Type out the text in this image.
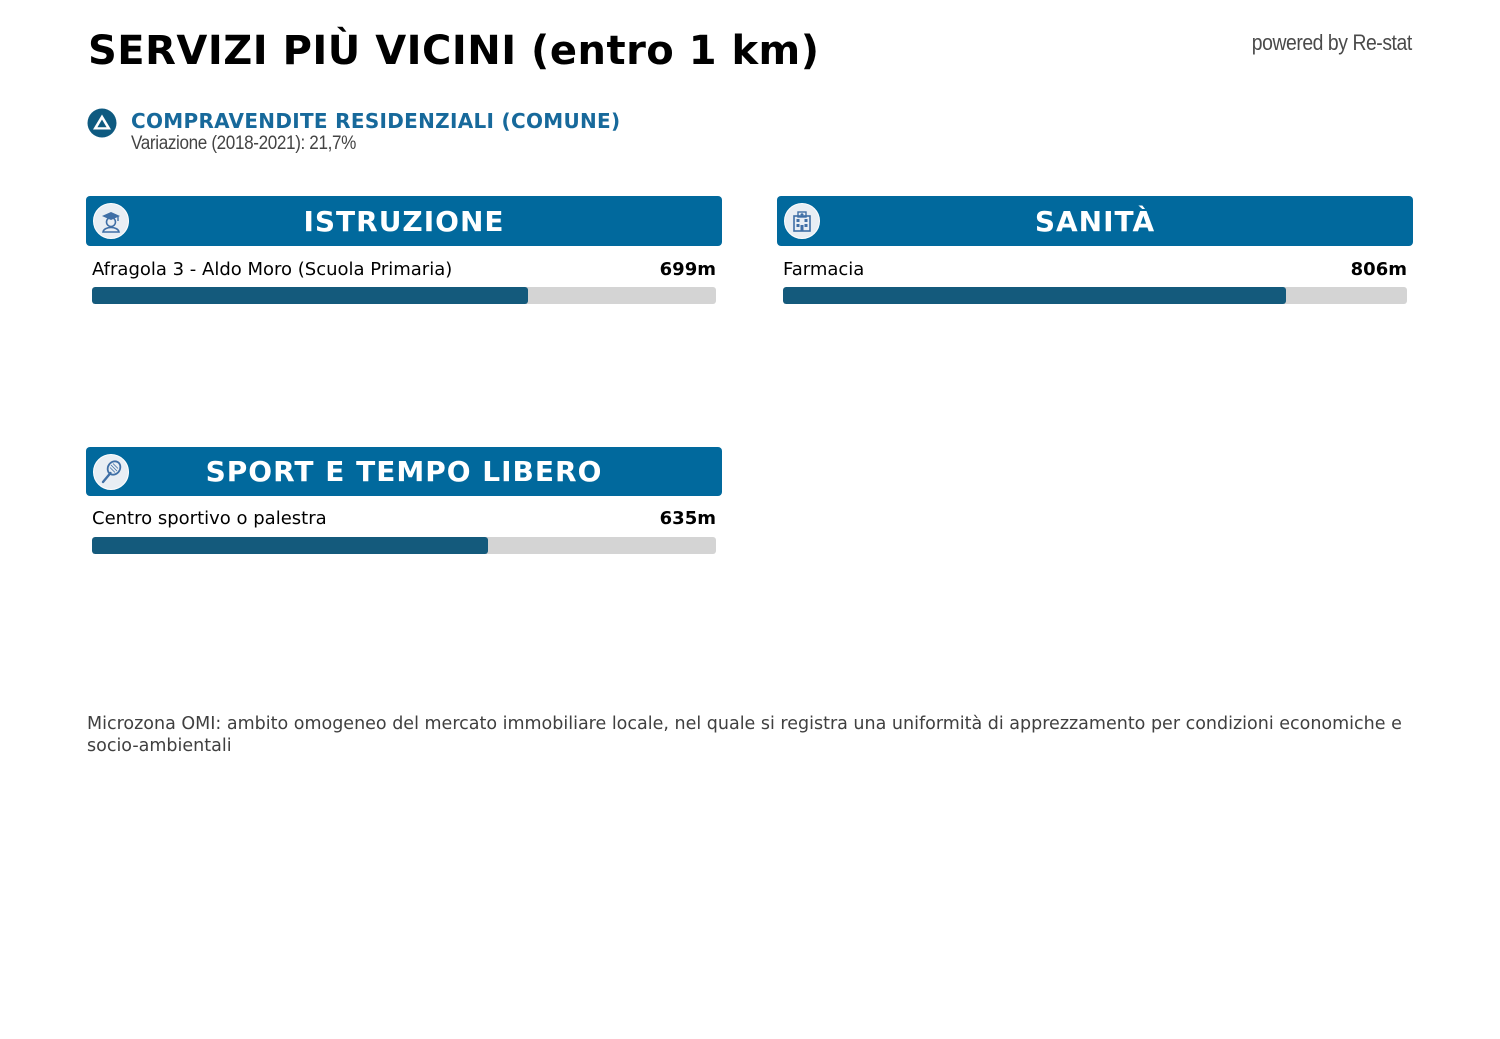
SERVIZI PIÙ VICINI (entro 1 km)	powered by Re-stat
COMPRAVENDITE RESIDENZIALI (COMUNE)
Variazione (2018-2021): 21,7%
ISTRUZIONE
Afragola 3 - Aldo Moro (Scuola Primaria)	699m
SANITÀ
Farmacia	806m
SPORT E TEMPO LIBERO
Centro sportivo o palestra	635m

Microzona OMI: ambito omogeneo del mercato immobiliare locale, nel quale si registra una uniformità di apprezzamento per condizioni economiche e socio-ambientali
